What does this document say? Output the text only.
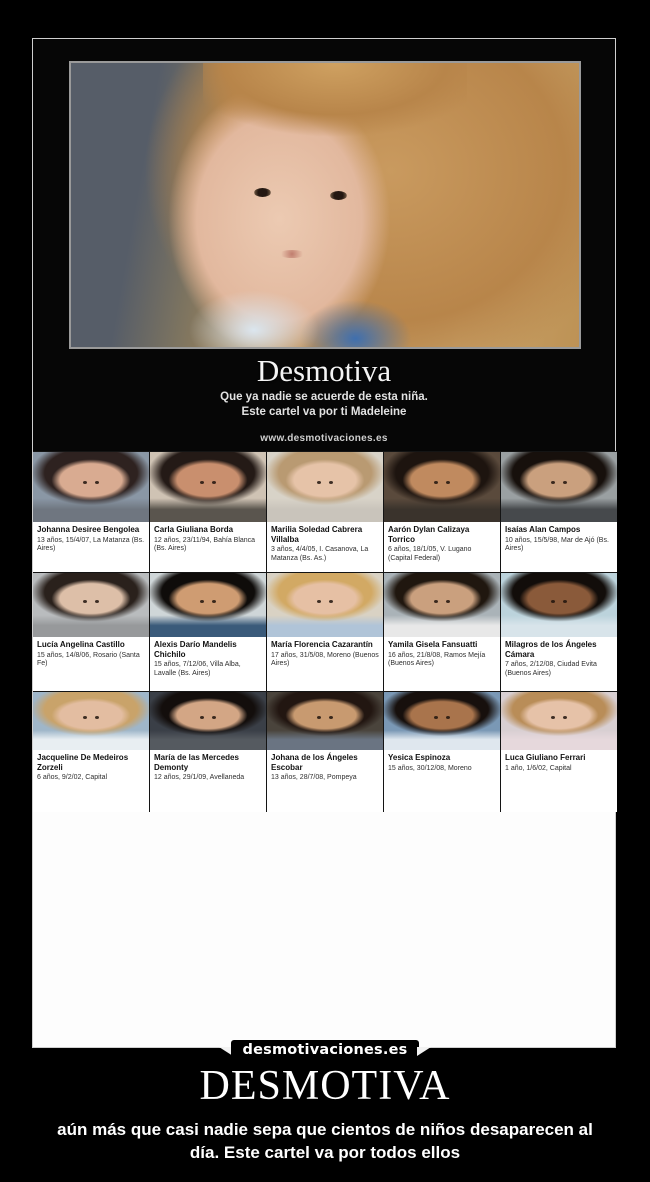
Desmotiva
Que ya nadie se acuerde de esta niña.
Este cartel va por ti Madeleine
www.desmotivaciones.es
Johanna Desiree Bengolea
13 años, 15/4/07, La Matanza (Bs. Aires)
Carla Giuliana Borda
12 años, 23/11/94, Bahía Blanca (Bs. Aires)
Marilia Soledad Cabrera Villalba
3 años, 4/4/05, I. Casanova, La Matanza (Bs. As.)
Aarón Dylan Calizaya Torrico
6 años, 18/1/05, V. Lugano (Capital Federal)
Isaías Alan Campos
10 años, 15/5/98, Mar de Ajó (Bs. Aires)
Lucía Angelina Castillo
15 años, 14/8/06, Rosario (Santa Fe)
Alexis Darío Mandelis Chichilo
15 años, 7/12/06, Villa Alba, Lavalle (Bs. Aires)
María Florencia Cazarantín
17 años, 31/5/08, Moreno (Buenos Aires)
Yamila Gisela Fansuatti
16 años, 21/8/08, Ramos Mejía (Buenos Aires)
Milagros de los Ángeles Cámara
7 años, 2/12/08, Ciudad Evita (Buenos Aires)
Jacqueline De Medeiros Zorzeli
6 años, 9/2/02, Capital
María de las Mercedes Demonty
12 años, 29/1/09, Avellaneda
Johana de los Ángeles Escobar
13 años, 28/7/08, Pompeya
Yesica Espinoza
15 años, 30/12/08, Moreno
Luca Giuliano Ferrari
1 año, 1/6/02, Capital
desmotivaciones.es
DESMOTIVA
aún más que casi nadie sepa que cientos de niños desaparecen al
día. Este cartel va por todos ellos
